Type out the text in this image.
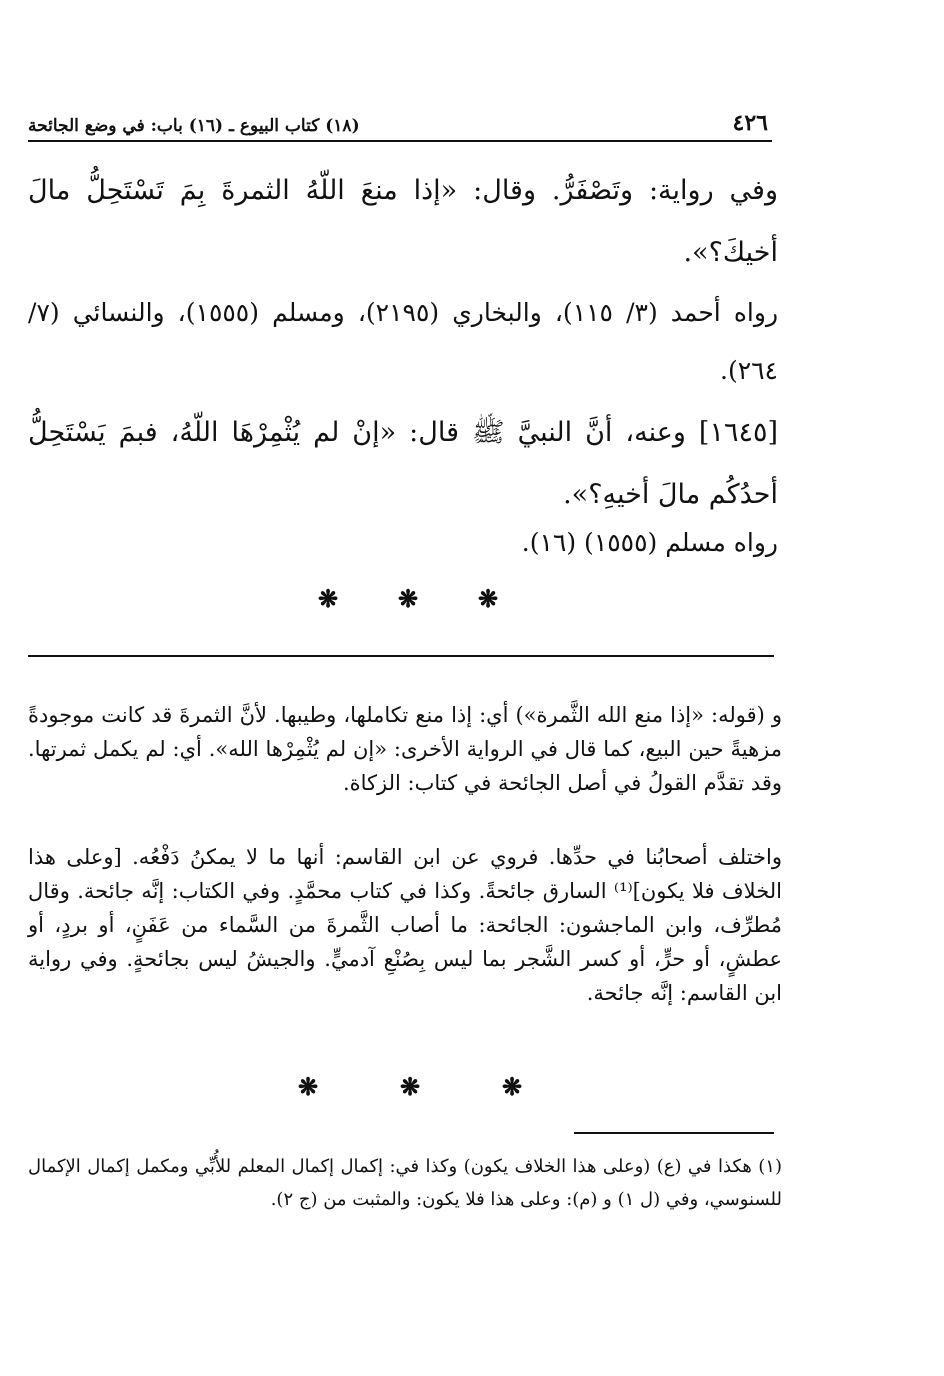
٤٢٦
(١٨) كتاب البيوع ـ (١٦) باب: في وضع الجائحة
وفي رواية: وتَصْفَرُّ. وقال: «إذا منعَ اللّهُ الثمرةَ بِمَ تَسْتَحِلُّ مالَ أخيكَ؟».
رواه أحمد (٣/ ١١٥)، والبخاري (٢١٩٥)، ومسلم (١٥٥٥)، والنسائي (٧/ ٢٦٤).
[١٦٤٥] وعنه، أنَّ النبيَّ ﷺ قال: «إنْ لم يُثْمِرْهَا اللّهُ، فبمَ يَسْتَحِلُّ أحدُكُم مالَ أخيهِ؟».
رواه مسلم (١٥٥٥) (١٦).
❋ ❋ ❋
و (قوله: «إذا منع الله الثَّمرة») أي: إذا منع تكاملها، وطيبها. لأنَّ الثمرةَ قد كانت موجودةً مزهيةً حين البيع، كما قال في الرواية الأخرى: «إن لم يُثْمِرْها الله». أي: لم يكمل ثمرتها. وقد تقدَّم القولُ في أصل الجائحة في كتاب: الزكاة.
واختلف أصحابُنا في حدِّها. فروي عن ابن القاسم: أنها ما لا يمكنُ دَفْعُه. [وعلى هذا الخلاف فلا يكون]⁽¹⁾ السارق جائحةً. وكذا في كتاب محمَّدٍ. وفي الكتاب: إنَّه جائحة. وقال مُطرِّف، وابن الماجشون: الجائحة: ما أصاب الثَّمرةَ من السَّماء من عَفَنٍ، أو بردٍ، أو عطشٍ، أو حرٍّ، أو كسر الشَّجر بما ليس بِصُنْعِ آدميٍّ. والجيشُ ليس بجائحةٍ. وفي رواية ابن القاسم: إنَّه جائحة.
❋	❋	❋
(١) هكذا في (ع) (وعلى هذا الخلاف يكون) وكذا في: إكمال إكمال المعلم للأُبِّي ومكمل إكمال الإكمال للسنوسي، وفي (ل ١) و (م): وعلى هذا فلا يكون: والمثبت من (ج ٢).
